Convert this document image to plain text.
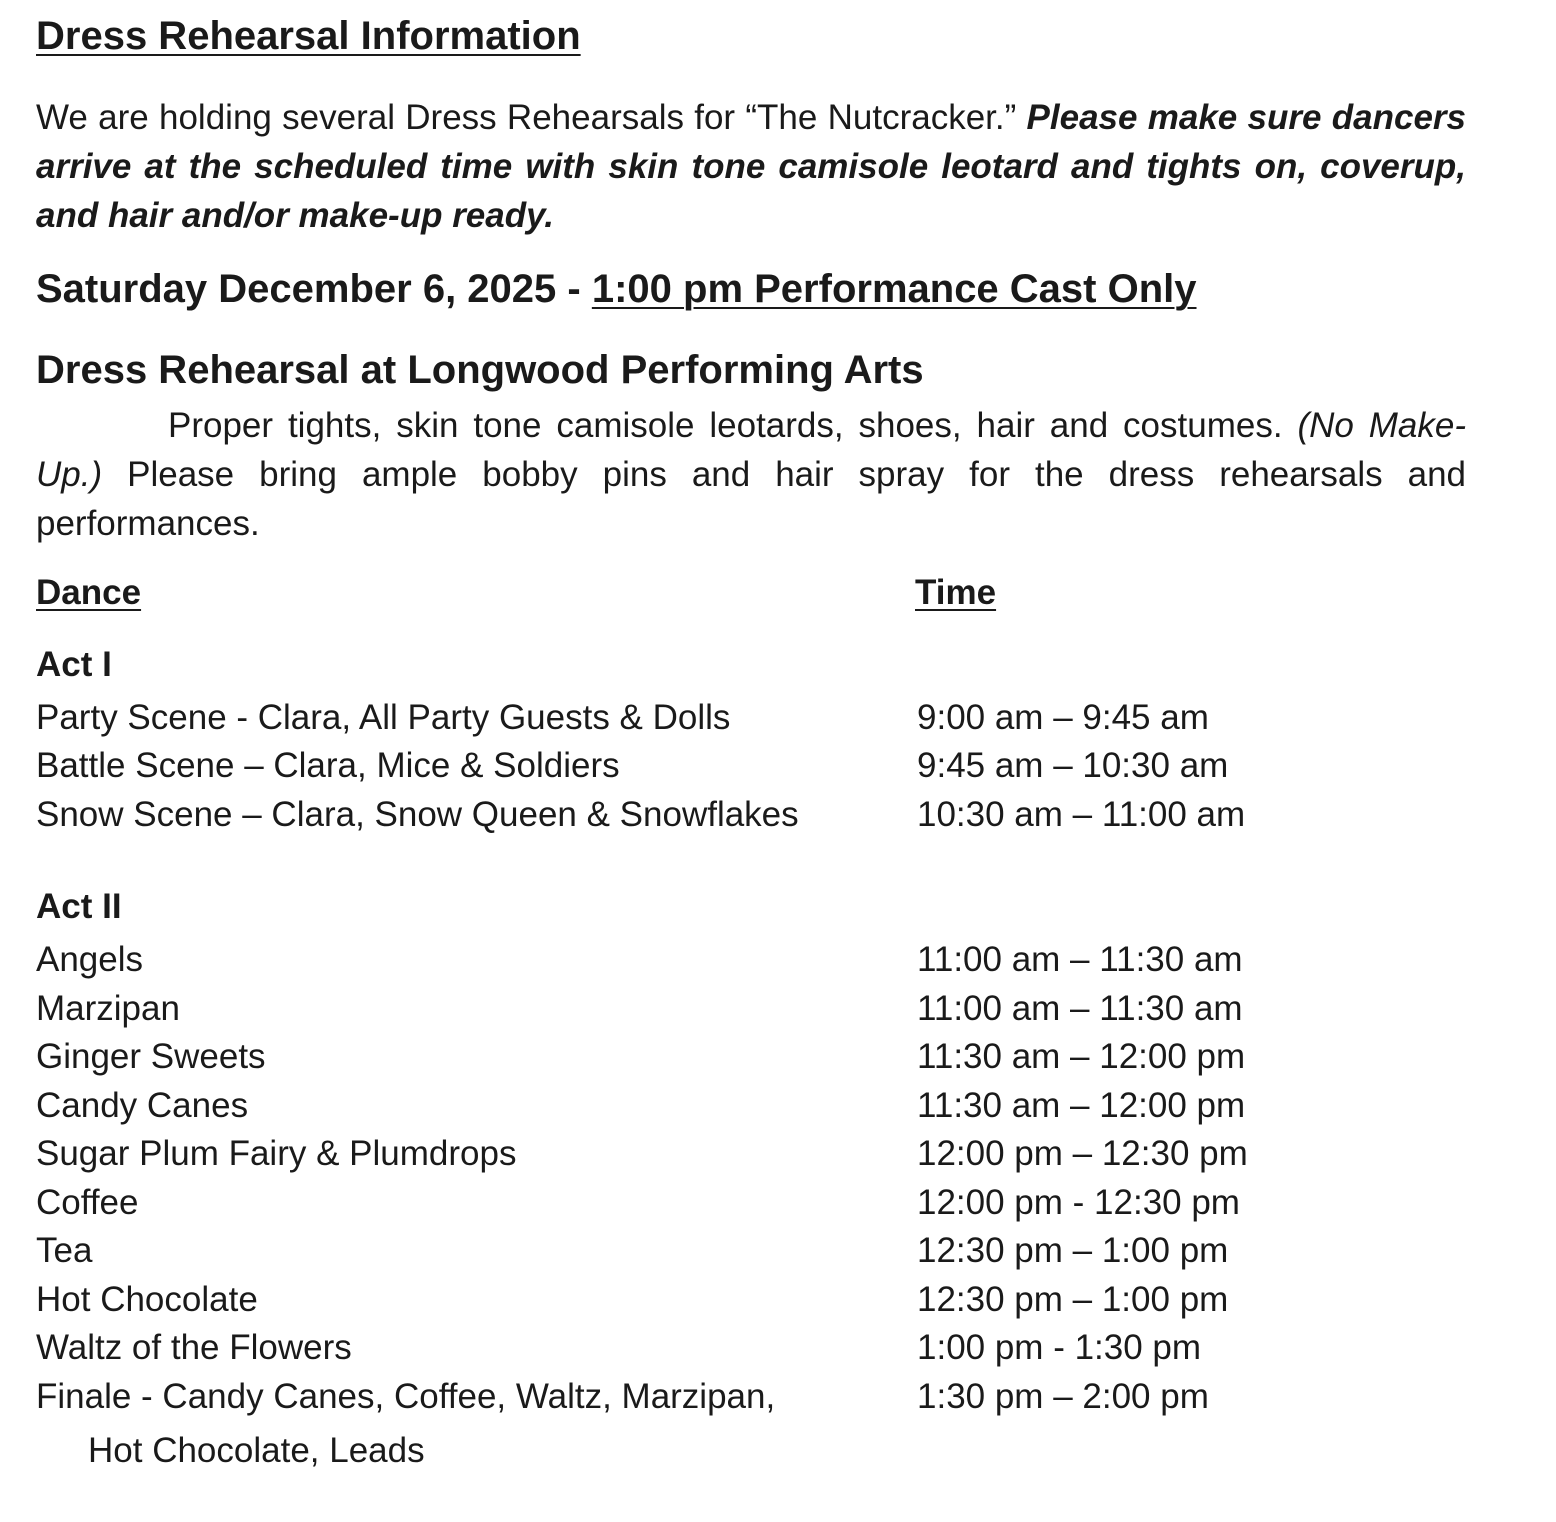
Dress Rehearsal Information

We are holding several Dress Rehearsals for “The Nutcracker.” Please make sure dancers arrive at the scheduled time with skin tone camisole leotard and tights on, coverup, and hair and/or make-up ready.

Saturday December 6, 2025 - 1:00 pm Performance Cast Only
Dress Rehearsal at Longwood Performing Arts

Proper tights, skin tone camisole leotards, shoes, hair and costumes. (No Make-Up.) Please bring ample bobby pins and hair spray for the dress rehearsals and performances.

Dance	Time
Act I
Party Scene - Clara, All Party Guests & Dolls	9:00 am – 9:45 am
Battle Scene – Clara, Mice & Soldiers	9:45 am – 10:30 am
Snow Scene – Clara, Snow Queen & Snowflakes	10:30 am – 11:00 am
Act II
Angels	11:00 am – 11:30 am
Marzipan	11:00 am – 11:30 am
Ginger Sweets	11:30 am – 12:00 pm
Candy Canes	11:30 am – 12:00 pm
Sugar Plum Fairy & Plumdrops	12:00 pm – 12:30 pm
Coffee	12:00 pm - 12:30 pm
Tea	12:30 pm – 1:00 pm
Hot Chocolate	12:30 pm – 1:00 pm
Waltz of the Flowers	1:00 pm - 1:30 pm
Finale - Candy Canes, Coffee, Waltz, Marzipan,	1:30 pm – 2:00 pm
Hot Chocolate, Leads
